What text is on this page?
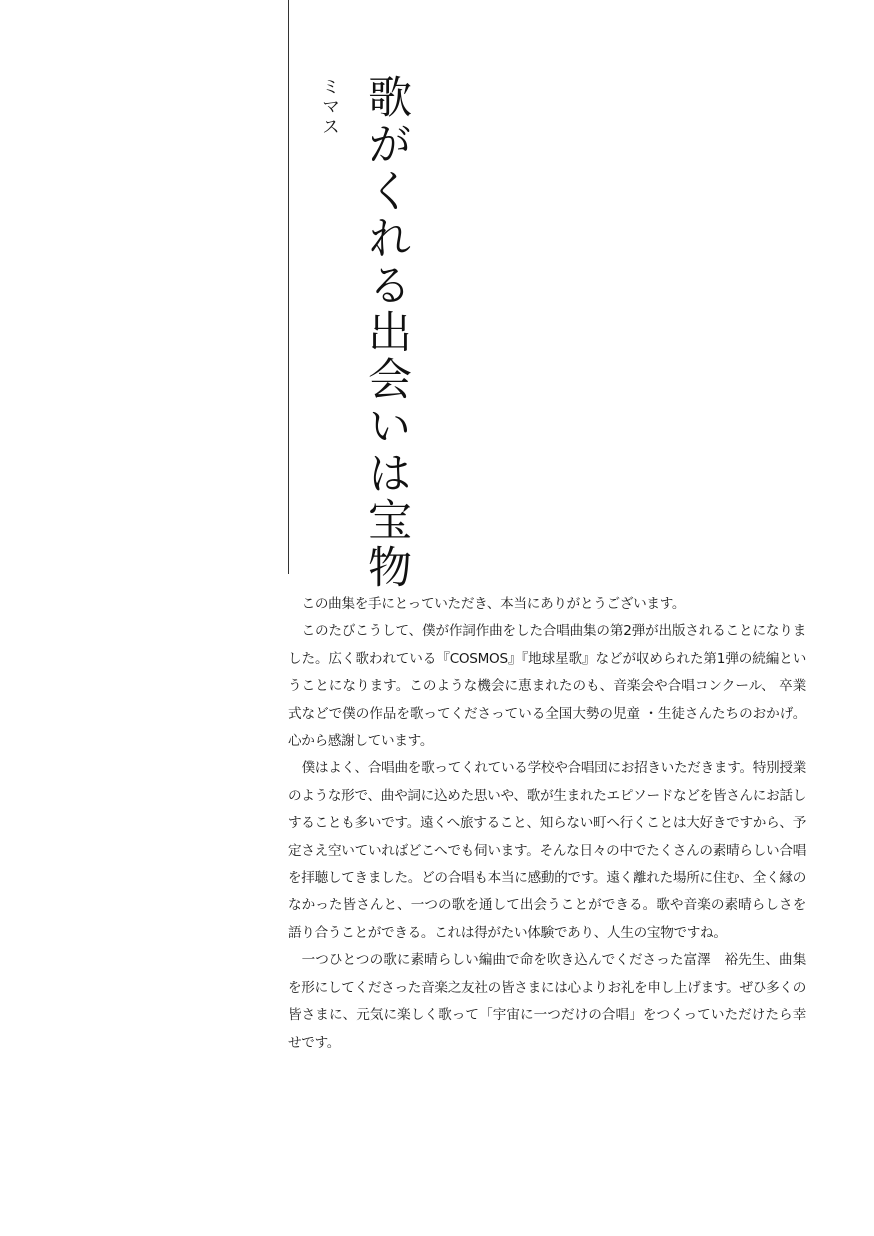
歌がくれる出会いは宝物
ミマス

この曲集を手にとっていただき、本当にありがとうございます。

このたびこうして、僕が作詞作曲をした合唱曲集の第2弾が出版されることになりました。広く歌われている『COSMOS』『地球星歌』などが収められた第1弾の続編ということになります。このような機会に恵まれたのも、音楽会や合唱コンクール、 卒業式などで僕の作品を歌ってくださっている全国大勢の児童 ・生徒さんたちのおかげ。心から感謝しています。

僕はよく、合唱曲を歌ってくれている学校や合唱団にお招きいただきます。特別授業のような形で、曲や詞に込めた思いや、歌が生まれたエピソードなどを皆さんにお話しすることも多いです。遠くへ旅すること、知らない町へ行くことは大好きですから、予定さえ空いていればどこへでも伺います。そんな日々の中でたくさんの素晴らしい合唱を拝聴してきました。どの合唱も本当に感動的です。遠く離れた場所に住む、全く縁のなかった皆さんと、一つの歌を通して出会うことができる。歌や音楽の素晴らしさを語り合うことができる。これは得がたい体験であり、人生の宝物ですね。

一つひとつの歌に素晴らしい編曲で命を吹き込んでくださった富澤　裕先生、曲集を形にしてくださった音楽之友社の皆さまには心よりお礼を申し上げます。ぜひ多くの皆さまに、元気に楽しく歌って「宇宙に一つだけの合唱」をつくっていただけたら幸せです。
